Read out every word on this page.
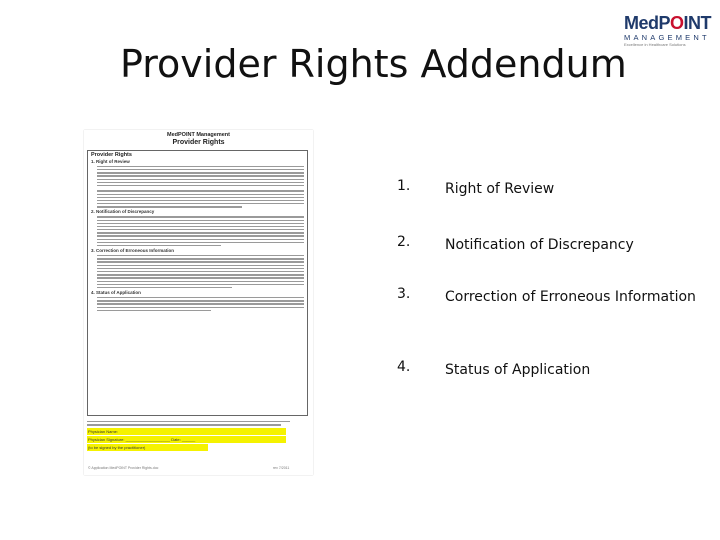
Provider Rights Addendum
MedPOINT
MANAGEMENT
Excellence in Healthcare Solutions
MedPOINT Management
Provider Rights
Provider Rights
1. Right of Review
2. Notification of Discrepancy
3. Correction of Erroneous Information
4. Status of Application
Physician Name:
Physician Signature: ____________________ Date: ______
(to be signed by the practitioner)
© Application MedPOINT Provider Rights.doc	rev 7/2011
1. Right of Review
2. Notification of Discrepancy
3. Correction of Erroneous Information
4. Status of Application
